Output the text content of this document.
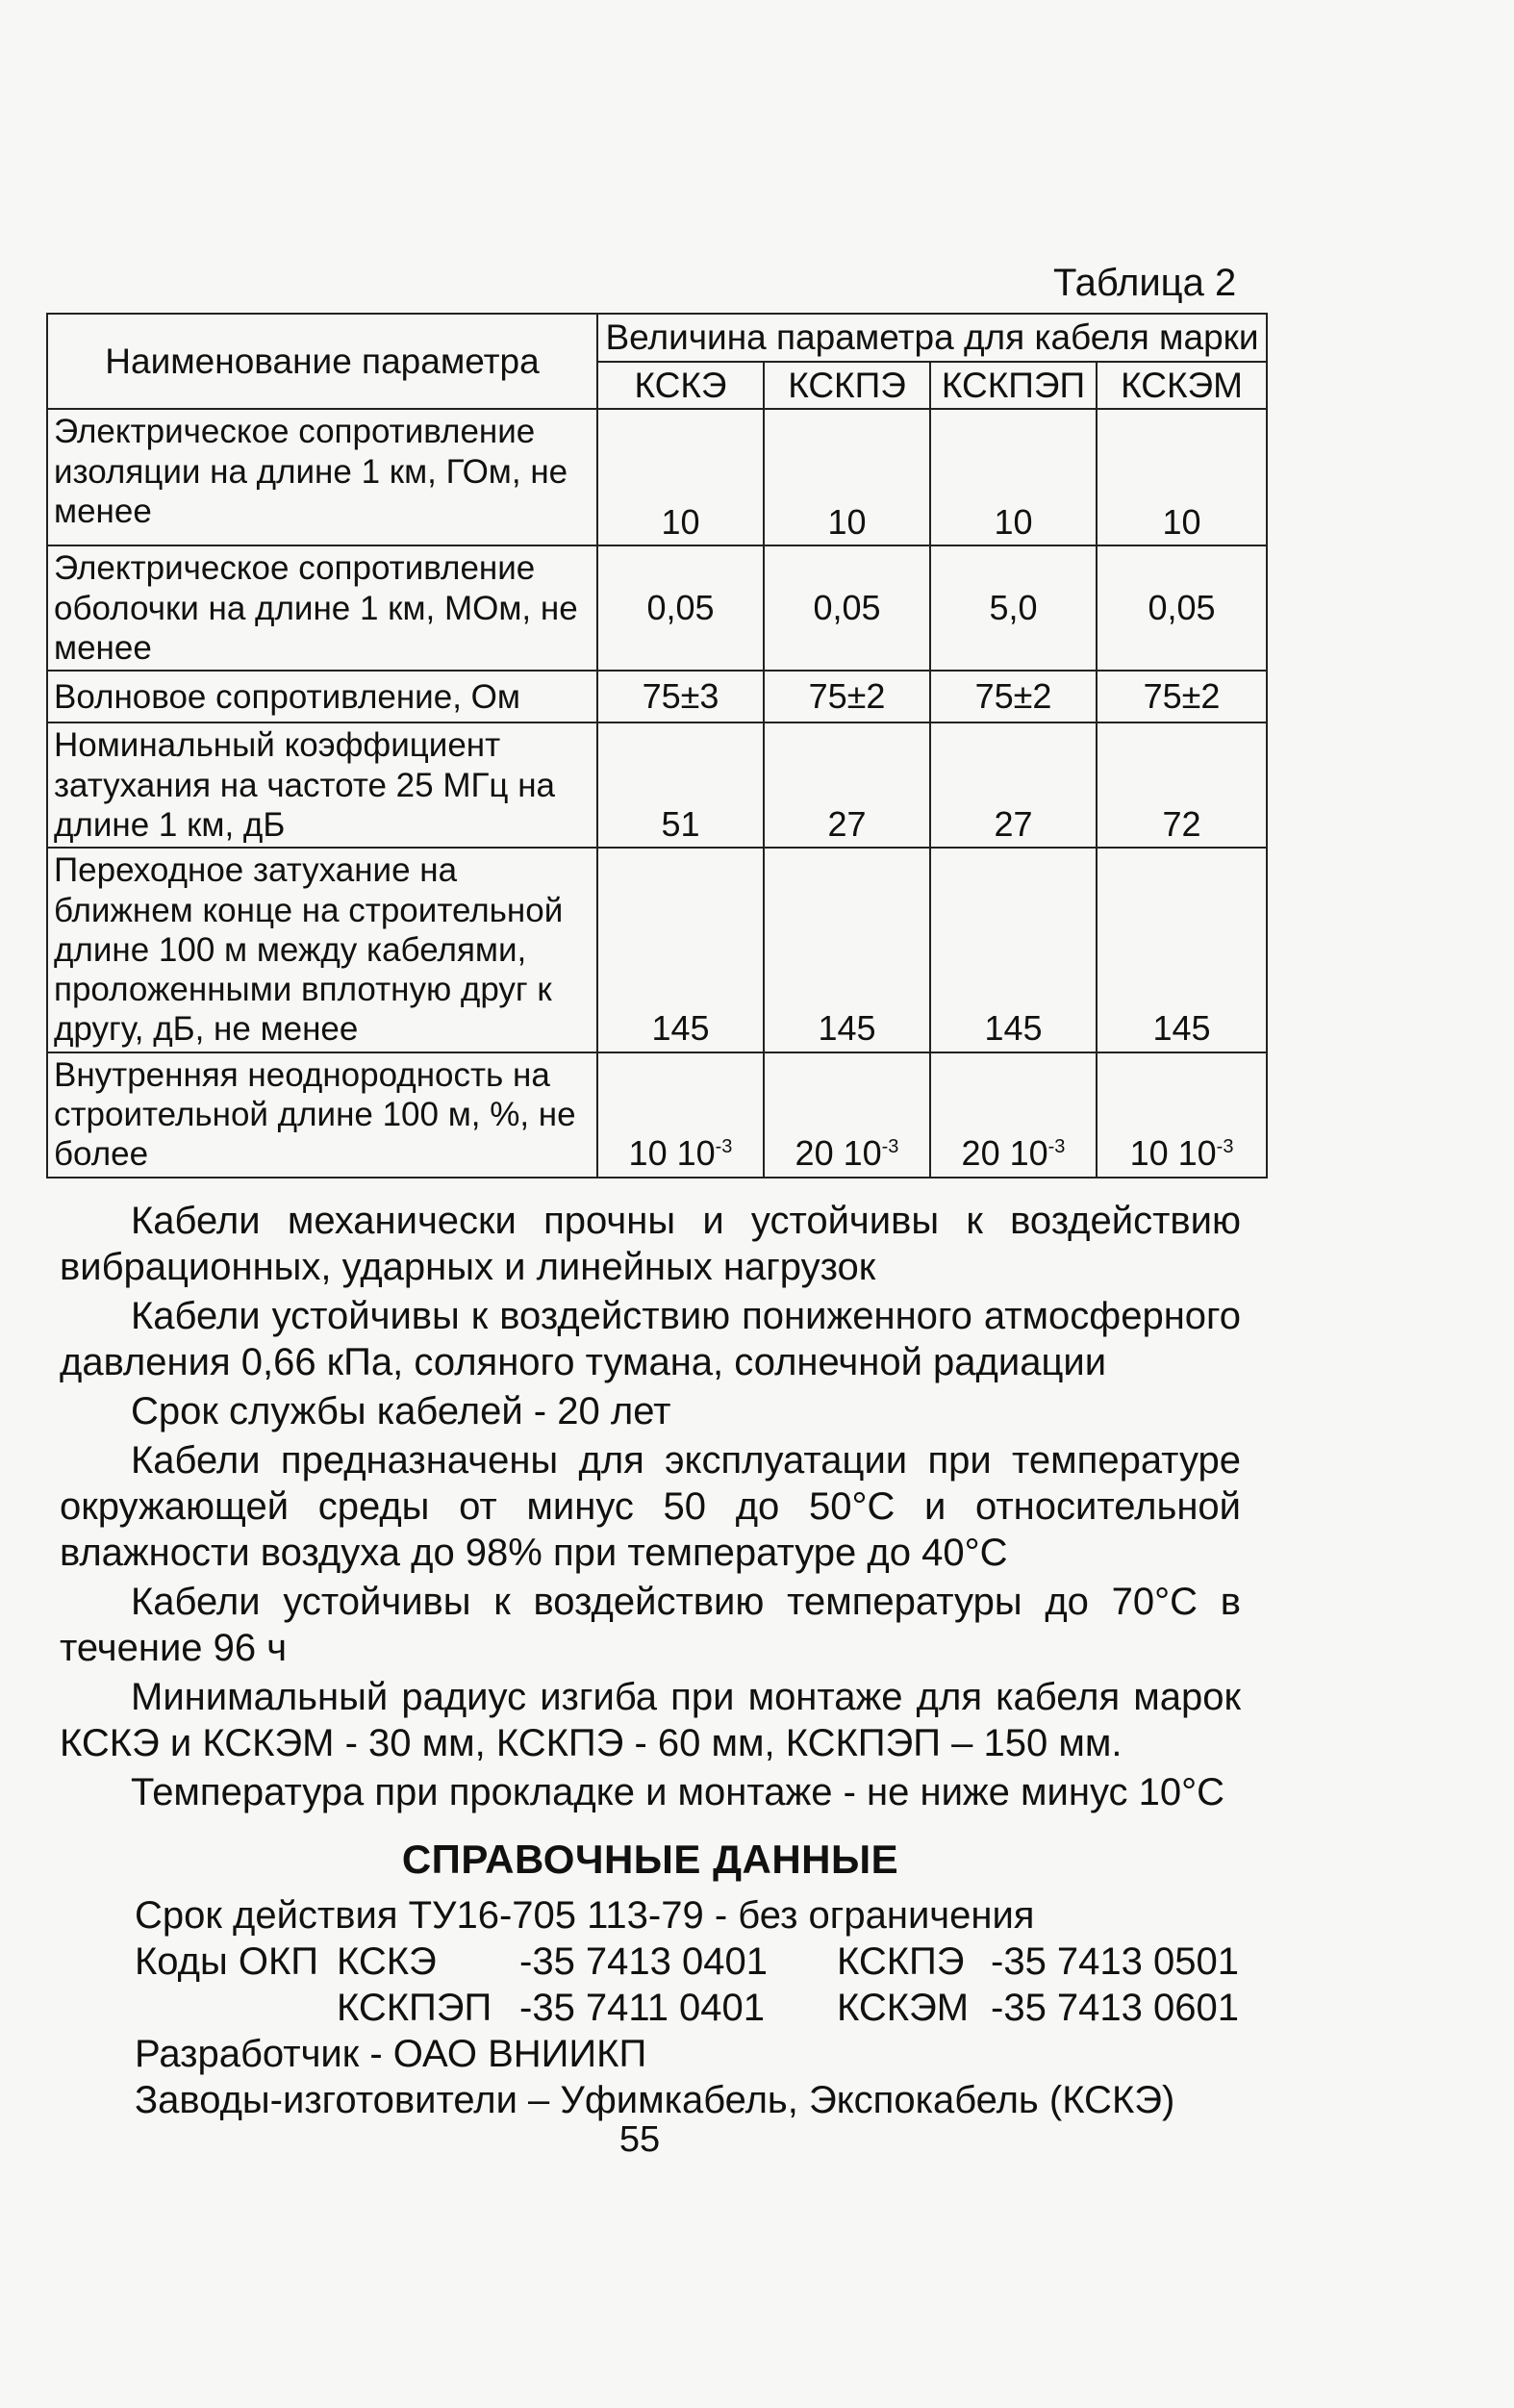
Таблица 2
Наименование параметра	Величина параметра для кабеля марки			
	КСКЭ	КСКПЭ	КСКПЭП	КСКЭМ
Электрическое сопротивление изоляции на длине 1 км, ГОм, не менее	10	10	10	10
Электрическое сопротивление оболочки на длине 1 км, МОм, не менее	0,05	0,05	5,0	0,05
Волновое сопротивление, Ом	75±3	75±2	75±2	75±2
Номинальный коэффициент затухания на частоте 25 МГц на длине 1 км, дБ	51	27	27	72
Переходное затухание на ближнем конце на строительной длине 100 м между кабелями, проложенными вплотную друг к другу, дБ, не менее	145	145	145	145
Внутренняя неоднородность на строительной длине 100 м, %, не более	10 $10^{-3}$	20 $10^{-3}$	20 $10^{-3}$	10 $10^{-3}$

Кабели механически прочны и устойчивы к воздействию вибрационных, ударных и линейных нагрузок

Кабели устойчивы к воздействию пониженного атмосферного давления 0,66 кПа, соляного тумана, солнечной радиации

Срок службы кабелей - 20 лет

Кабели предназначены для эксплуатации при температуре окружающей среды от минус 50 до 50°С и относительной влажности воздуха до 98% при температуре до 40°С

Кабели устойчивы к воздействию температуры до 70°С в течение 96 ч

Минимальный радиус изгиба при монтаже для кабеля марок КСКЭ и КСКЭМ - 30 мм, КСКПЭ - 60 мм, КСКПЭП – 150 мм.

Температура при прокладке и монтаже - не ниже минус 10°С

СПРАВОЧНЫЕ ДАННЫЕ

Срок действия ТУ16-705 113-79 - без ограничения

Коды ОКП КСКЭ	-35 7413 0401	КСКПЭ -35 7413 0501
КСКПЭП -35 7411 0401	КСКЭМ -35 7413 0601

Разработчик - ОАО ВНИИКП

Заводы-изготовители – Уфимкабель, Экспокабель (КСКЭ)

55
